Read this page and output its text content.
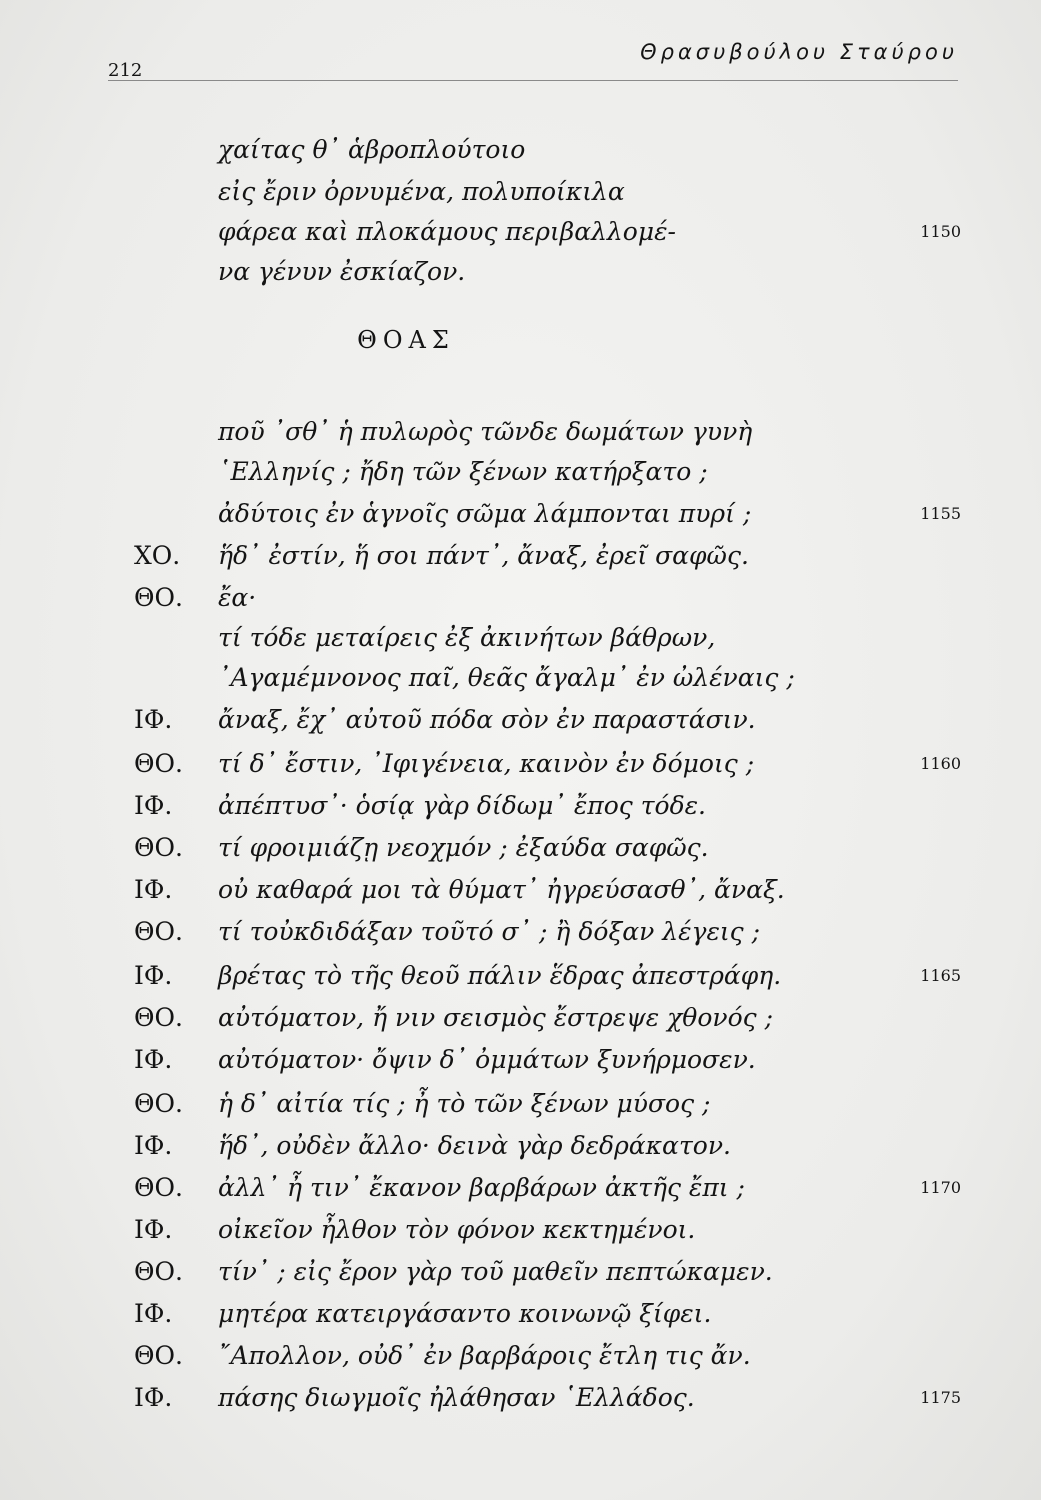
212
Θρασυβούλου Σταύρου
χαίτας θ᾽ ἁβροπλούτοιο
εἰς ἔριν ὀρνυμένα, πολυποίκιλα
φάρεα καὶ πλοκάμους περιβαλλομέ-	1150
να γένυν ἐσκίαζον.
ΘΟΑΣ
ποῦ ᾽σθ᾽ ἡ πυλωρὸς τῶνδε δωμάτων γυνὴ
῾Ελληνίς ; ἤδη τῶν ξένων κατήρξατο ;
ἀδύτοις ἐν ἁγνοῖς σῶμα λάμπονται πυρί ;	1155
ΧΟ. ἥδ᾽ ἐστίν, ἥ σοι πάντ᾽, ἄναξ, ἐρεῖ σαφῶς.
ΘΟ. ἔα·
τί τόδε μεταίρεις ἐξ ἀκινήτων βάθρων,
᾽Αγαμέμνονος παῖ, θεᾶς ἄγαλμ᾽ ἐν ὠλέναις ;
ΙΦ. ἄναξ, ἔχ᾽ αὐτοῦ πόδα σὸν ἐν παραστάσιν.
ΘΟ. τί δ᾽ ἔστιν, ᾽Ιφιγένεια, καινὸν ἐν δόμοις ;	1160
ΙΦ. ἀπέπτυσ᾽· ὁσίᾳ γὰρ δίδωμ᾽ ἔπος τόδε.
ΘΟ. τί φροιμιάζῃ νεοχμόν ; ἐξαύδα σαφῶς.
ΙΦ. οὐ καθαρά μοι τὰ θύματ᾽ ἠγρεύσασθ᾽, ἄναξ.
ΘΟ. τί τοὐκδιδάξαν τοῦτό σ᾽ ; ἢ δόξαν λέγεις ;
ΙΦ. βρέτας τὸ τῆς θεοῦ πάλιν ἕδρας ἀπεστράφη.	1165
ΘΟ. αὐτόματον, ἤ νιν σεισμὸς ἔστρεψε χθονός ;
ΙΦ. αὐτόματον· ὄψιν δ᾽ ὀμμάτων ξυνήρμοσεν.
ΘΟ. ἡ δ᾽ αἰτία τίς ; ἦ τὸ τῶν ξένων μύσος ;
ΙΦ. ἥδ᾽, οὐδὲν ἄλλο· δεινὰ γὰρ δεδράκατον.
ΘΟ. ἀλλ᾽ ἦ τιν᾽ ἔκανον βαρβάρων ἀκτῆς ἔπι ;	1170
ΙΦ. οἰκεῖον ἦλθον τὸν φόνον κεκτημένοι.
ΘΟ. τίν᾽ ; εἰς ἔρον γὰρ τοῦ μαθεῖν πεπτώκαμεν.
ΙΦ. μητέρα κατειργάσαντο κοινωνῷ ξίφει.
ΘΟ. ῎Απολλον, οὐδ᾽ ἐν βαρβάροις ἔτλη τις ἄν.
ΙΦ. πάσης διωγμοῖς ἠλάθησαν ῾Ελλάδος.	1175
